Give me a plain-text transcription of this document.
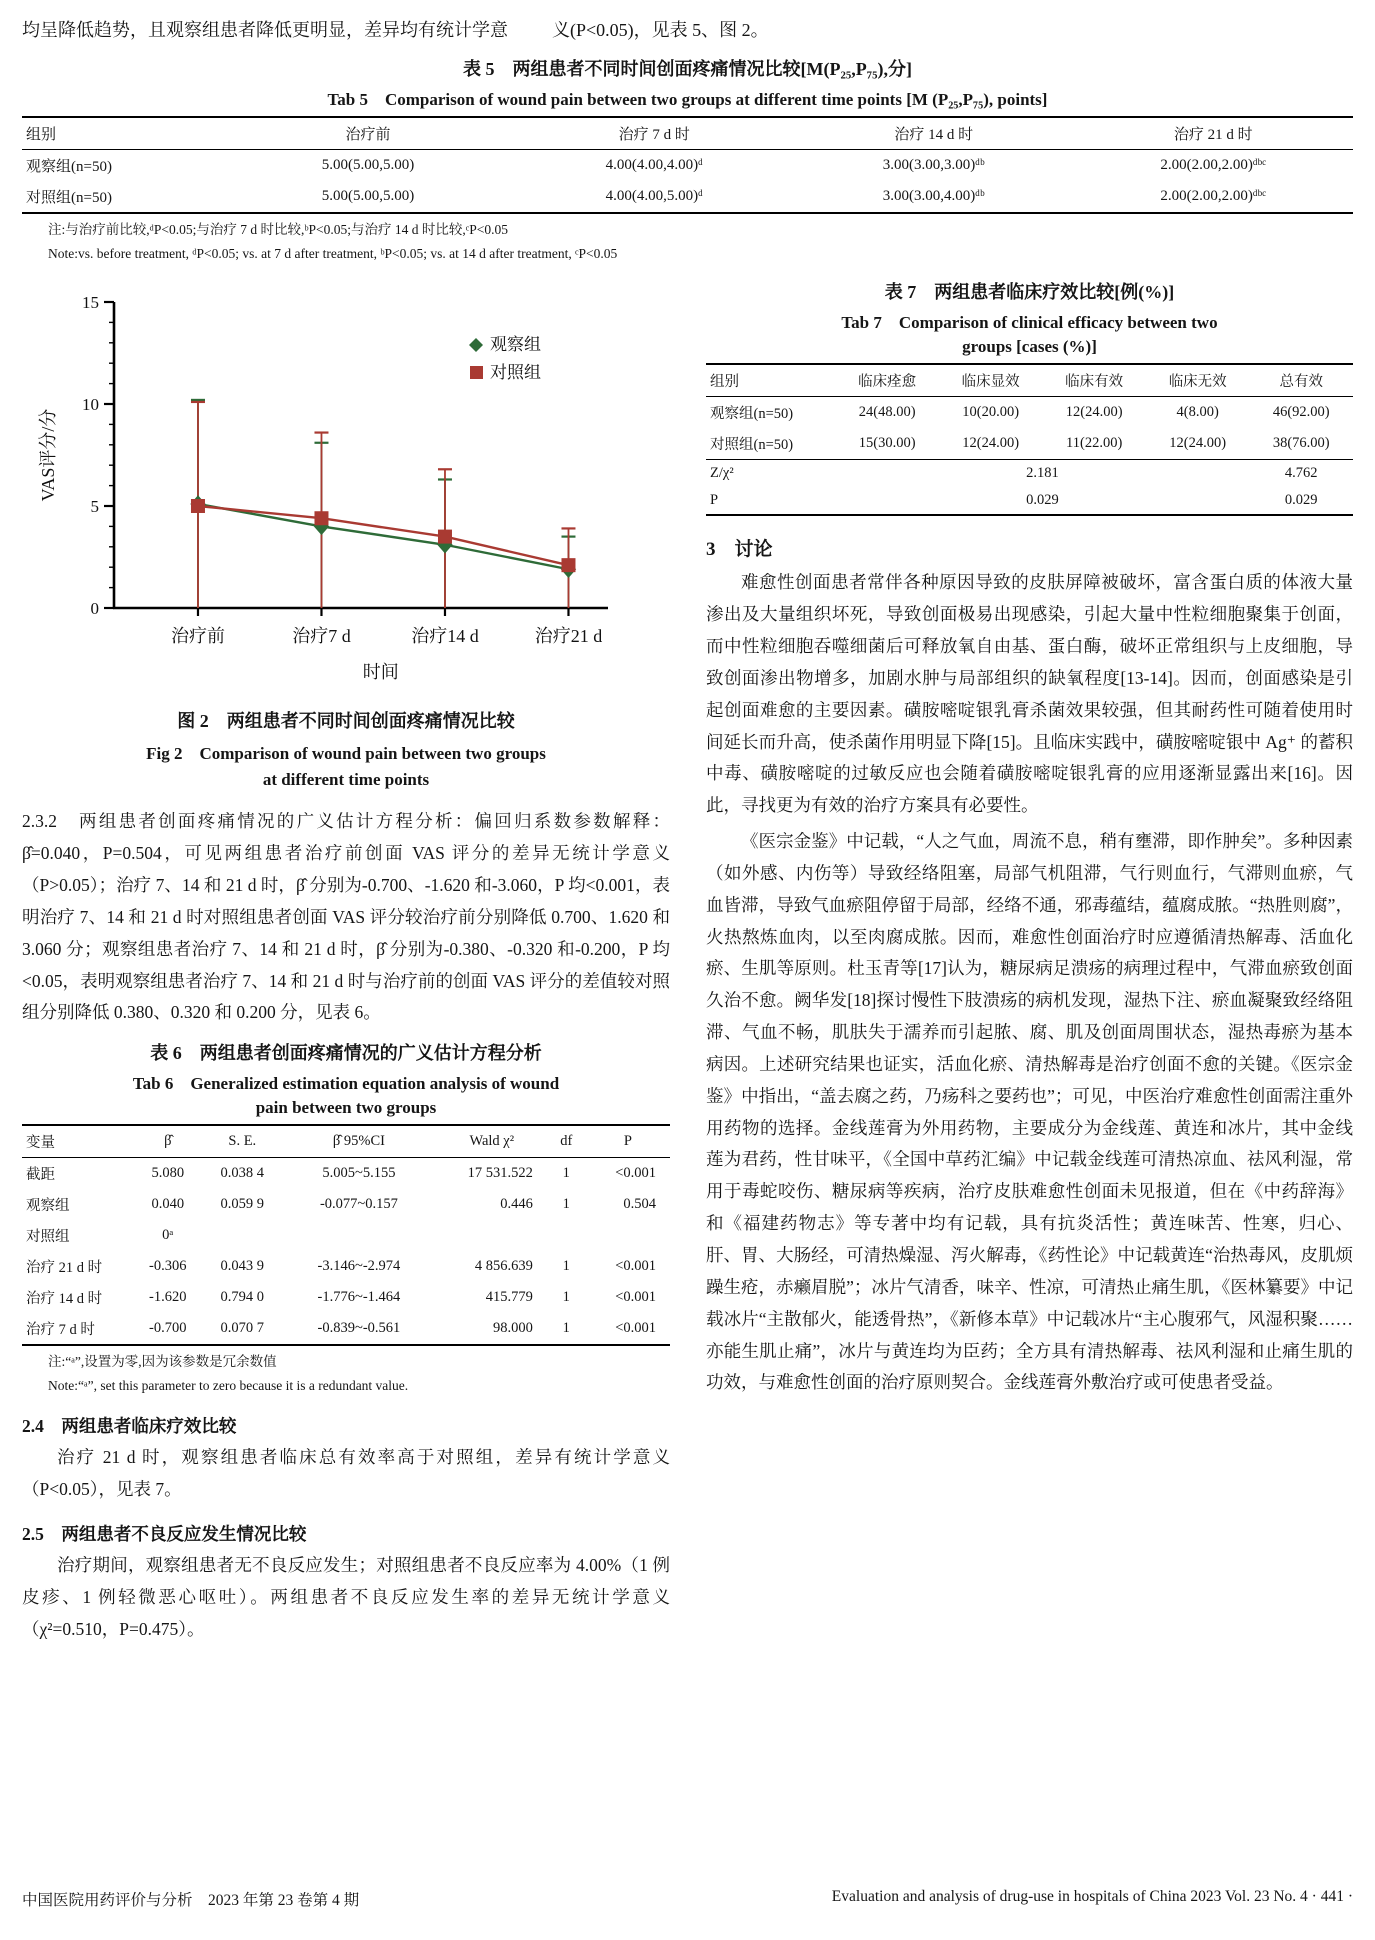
均呈降低趋势，且观察组患者降低更明显，差异均有统计学意 义(P<0.05)，见表 5、图 2。
表 5　两组患者不同时间创面疼痛情况比较[M(P₂₅,P₇₅),分]
Tab 5　Comparison of wound pain between two groups at different time points [M (P₂₅,P₇₅), points]
组别	治疗前	治疗 7 d 时	治疗 14 d 时	治疗 21 d 时
观察组(n=50)	5.00(5.00,5.00)	4.00(4.00,4.00)ᵈ	3.00(3.00,3.00)ᵈᵇ	2.00(2.00,2.00)ᵈᵇᶜ
对照组(n=50)	5.00(5.00,5.00)	4.00(4.00,5.00)ᵈ	3.00(3.00,4.00)ᵈᵇ	2.00(2.00,2.00)ᵈᵇᶜ
注:与治疗前比较,ᵈP<0.05;与治疗 7 d 时比较,ᵇP<0.05;与治疗 14 d 时比较,ᶜP<0.05
Note:vs. before treatment, ᵈP<0.05; vs. at 7 d after treatment, ᵇP<0.05; vs. at 14 d after treatment, ᶜP<0.05
0
5
10
15
治疗前	治疗7 d	治疗14 d	治疗21 d
时间
VAS评分/分
观察组
对照组
图 2　两组患者不同时间创面疼痛情况比较
Fig 2　Comparison of wound pain between two groups
at different time points

2.3.2　两组患者创面疼痛情况的广义估计方程分析：偏回归系数参数解释：β̂=0.040，P=0.504，可见两组患者治疗前创面 VAS 评分的差异无统计学意义（P>0.05）；治疗 7、14 和 21 d 时，β̂ 分别为-0.700、-1.620 和-3.060，P 均<0.001，表明治疗 7、14 和 21 d 时对照组患者创面 VAS 评分较治疗前分别降低 0.700、1.620 和 3.060 分；观察组患者治疗 7、14 和 21 d 时，β̂ 分别为-0.380、-0.320 和-0.200，P 均<0.05，表明观察组患者治疗 7、14 和 21 d 时与治疗前的创面 VAS 评分的差值较对照组分别降低 0.380、0.320 和 0.200 分，见表 6。

表 6　两组患者创面疼痛情况的广义估计方程分析
Tab 6　Generalized estimation equation analysis of wound
pain between two groups
变量	β̂	S. E.	β̂ 95%CI	Wald χ²	df	P
截距	5.080	0.038 4	5.005~5.155	17 531.522	1	<0.001
观察组	0.040	0.059 9	-0.077~0.157	0.446	1	0.504
对照组	0ᵃ					
治疗 21 d 时	-0.306	0.043 9	-3.146~-2.974	4 856.639	1	<0.001
治疗 14 d 时	-1.620	0.794 0	-1.776~-1.464	415.779	1	<0.001
治疗 7 d 时	-0.700	0.070 7	-0.839~-0.561	98.000	1	<0.001
注:“ᵃ”,设置为零,因为该参数是冗余数值
Note:“ᵃ”, set this parameter to zero because it is a redundant value.
2.4　两组患者临床疗效比较

治疗 21 d 时，观察组患者临床总有效率高于对照组，差异有统计学意义（P<0.05），见表 7。

2.5　两组患者不良反应发生情况比较

治疗期间，观察组患者无不良反应发生；对照组患者不良反应率为 4.00%（1 例皮疹、1 例轻微恶心呕吐）。两组患者不良反应发生率的差异无统计学意义（χ²=0.510，P=0.475）。

表 7　两组患者临床疗效比较[例(%)]
Tab 7　Comparison of clinical efficacy between two
groups [cases (%)]
组别	临床痊愈	临床显效	临床有效	临床无效	总有效
观察组(n=50)	24(48.00)	10(20.00)	12(24.00)	4(8.00)	46(92.00)
对照组(n=50)	15(30.00)	12(24.00)	11(22.00)	12(24.00)	38(76.00)
Z/χ²	2.181				4.762
P	0.029				0.029
3　讨论

难愈性创面患者常伴各种原因导致的皮肤屏障被破坏，富含蛋白质的体液大量渗出及大量组织坏死，导致创面极易出现感染，引起大量中性粒细胞聚集于创面，而中性粒细胞吞噬细菌后可释放氧自由基、蛋白酶，破坏正常组织与上皮细胞，导致创面渗出物增多，加剧水肿与局部组织的缺氧程度[13-14]。因而，创面感染是引起创面难愈的主要因素。磺胺嘧啶银乳膏杀菌效果较强，但其耐药性可随着使用时间延长而升高，使杀菌作用明显下降[15]。且临床实践中，磺胺嘧啶银中 Ag⁺ 的蓄积中毒、磺胺嘧啶的过敏反应也会随着磺胺嘧啶银乳膏的应用逐渐显露出来[16]。因此，寻找更为有效的治疗方案具有必要性。

《医宗金鉴》中记载，“人之气血，周流不息，稍有壅滞，即作肿矣”。多种因素（如外感、内伤等）导致经络阻塞，局部气机阻滞，气行则血行，气滞则血瘀，气血皆滞，导致气血瘀阻停留于局部，经络不通，邪毒蕴结，蕴腐成脓。“热胜则腐”，火热熬炼血肉，以至肉腐成脓。因而，难愈性创面治疗时应遵循清热解毒、活血化瘀、生肌等原则。杜玉青等[17]认为，糖尿病足溃疡的病理过程中，气滞血瘀致创面久治不愈。阙华发[18]探讨慢性下肢溃疡的病机发现，湿热下注、瘀血凝聚致经络阻滞、气血不畅，肌肤失于濡养而引起脓、腐、肌及创面周围状态，湿热毒瘀为基本病因。上述研究结果也证实，活血化瘀、清热解毒是治疗创面不愈的关键。《医宗金鉴》中指出，“盖去腐之药，乃疡科之要药也”；可见，中医治疗难愈性创面需注重外用药物的选择。金线莲膏为外用药物，主要成分为金线莲、黄连和冰片，其中金线莲为君药，性甘味平，《全国中草药汇编》中记载金线莲可清热凉血、祛风利湿，常用于毒蛇咬伤、糖尿病等疾病，治疗皮肤难愈性创面未见报道，但在《中药辞海》和《福建药物志》等专著中均有记载，具有抗炎活性；黄连味苦、性寒，归心、肝、胃、大肠经，可清热燥湿、泻火解毒，《药性论》中记载黄连“治热毒风，皮肌烦躁生疮，赤癞眉脱”；冰片气清香，味辛、性凉，可清热止痛生肌，《医林纂要》中记载冰片“主散郁火，能透骨热”，《新修本草》中记载冰片“主心腹邪气，风湿积聚……亦能生肌止痛”，冰片与黄连均为臣药；全方具有清热解毒、祛风利湿和止痛生肌的功效，与难愈性创面的治疗原则契合。金线莲膏外敷治疗或可使患者受益。

中国医院用药评价与分析　2023 年第 23 卷第 4 期	Evaluation and analysis of drug-use in hospitals of China 2023 Vol. 23 No. 4 · 441 ·
